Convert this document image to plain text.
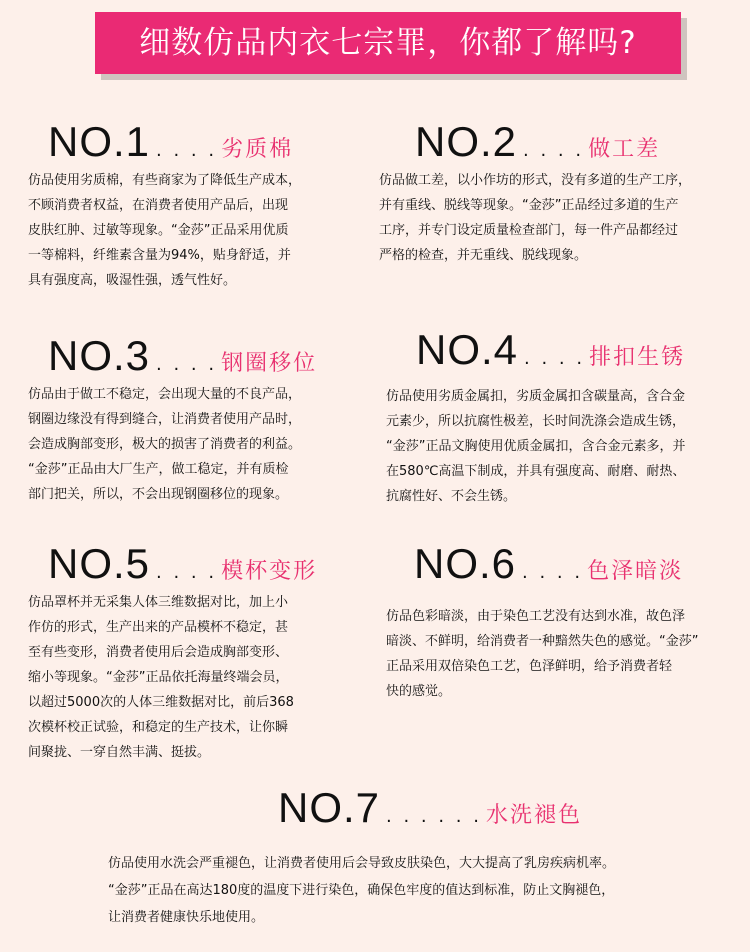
细数仿品内衣七宗罪，你都了解吗?
NO.1 . . . . 劣质棉
仿品使用劣质棉，有些商家为了降低生产成本，
不顾消费者权益，在消费者使用产品后，出现
皮肤红肿、过敏等现象。“金莎”正品采用优质
一等棉料，纤维素含量为94%，贴身舒适，并
具有强度高，吸湿性强，透气性好。
NO.2 . . . . 做工差
仿品做工差，以小作坊的形式，没有多道的生产工序，
并有重线、脱线等现象。“金莎”正品经过多道的生产
工序，并专门设定质量检查部门，每一件产品都经过
严格的检查，并无重线、脱线现象。
NO.3 . . . . 钢圈移位
仿品由于做工不稳定，会出现大量的不良产品，
钢圈边缘没有得到缝合，让消费者使用产品时，
会造成胸部变形，极大的损害了消费者的利益。
“金莎”正品由大厂生产，做工稳定，并有质检
部门把关，所以，不会出现钢圈移位的现象。
NO.4 . . . . 排扣生锈
仿品使用劣质金属扣，劣质金属扣含碳量高，含合金
元素少，所以抗腐性极差，长时间洗涤会造成生锈，
“金莎”正品文胸使用优质金属扣，含合金元素多，并
在580℃高温下制成，并具有强度高、耐磨、耐热、
抗腐性好、不会生锈。
NO.5 . . . . 模杯变形
仿品罩杯并无采集人体三维数据对比，加上小
作仿的形式，生产出来的产品模杯不稳定，甚
至有些变形，消费者使用后会造成胸部变形、
缩小等现象。“金莎”正品依托海量终端会员，
以超过5000次的人体三维数据对比，前后368
次模杯校正试验，和稳定的生产技术，让你瞬
间聚拢、一穿自然丰满、挺拔。
NO.6 . . . . 色泽暗淡
仿品色彩暗淡，由于染色工艺没有达到水准，故色泽
暗淡、不鲜明，给消费者一种黯然失色的感觉。“金莎”
正品采用双倍染色工艺，色泽鲜明，给予消费者轻
快的感觉。
NO.7 . . . . . . 水洗褪色
仿品使用水洗会严重褪色，让消费者使用后会导致皮肤染色，大大提高了乳房疾病机率。
“金莎”正品在高达180度的温度下进行染色，确保色牢度的值达到标准，防止文胸褪色，
让消费者健康快乐地使用。
